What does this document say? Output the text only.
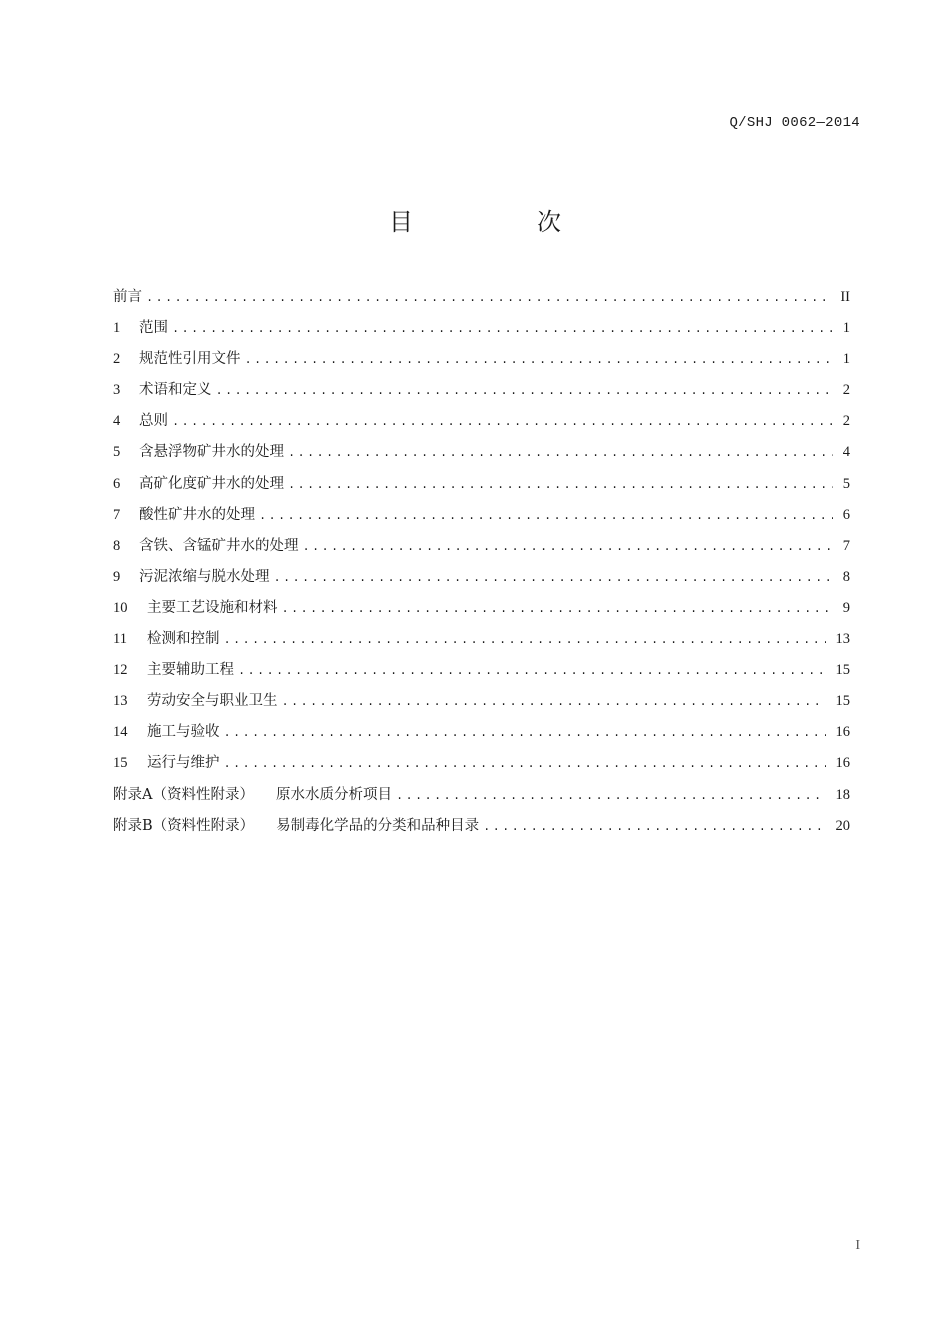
Q/SHJ 0062—2014
目　次
前言 .....	II
1	范围 .....	1
2	规范性引用文件 .....	1
3	术语和定义 .....	2
4	总则 .....	2
5	含悬浮物矿井水的处理 .....	4
6	高矿化度矿井水的处理 .....	5
7	酸性矿井水的处理 .....	6
8	含铁、含锰矿井水的处理 .....	7
9	污泥浓缩与脱水处理 .....	8
10	主要工艺设施和材料 .....	9
11	检测和控制 .....	13
12	主要辅助工程 .....	15
13	劳动安全与职业卫生 .....	15
14	施工与验收 .....	16
15	运行与维护 .....	16
附录A（资料性附录） 原水水质分析项目 .....	18
附录B（资料性附录） 易制毒化学品的分类和品种目录 .....	20
I
